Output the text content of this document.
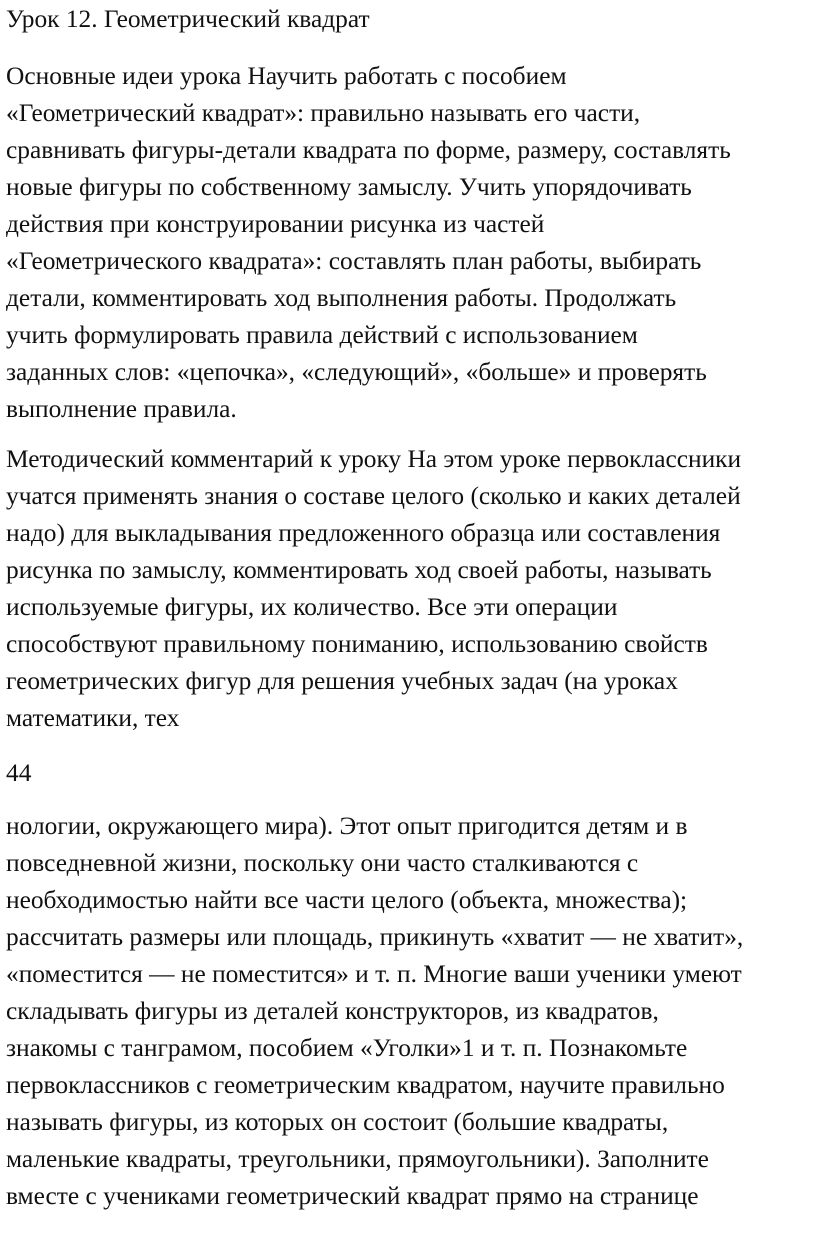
Урок 12. Геометрический квадрат

Основные идеи урока Научить работать с пособием
«Геометрический квадрат»: правильно называть его части,
сравнивать фигуры-детали квадрата по форме, размеру, составлять
новые фигуры по собственному замыслу. Учить упорядочивать
действия при конструировании рисунка из частей
«Геометрического квадрата»: составлять план работы, выбирать
детали, комментировать ход выполнения работы. Продолжать
учить формулировать правила действий с использованием
заданных слов: «цепочка», «следующий», «больше» и проверять
выполнение правила.

Методический комментарий к уроку На этом уроке первоклассники
учатся применять знания о составе целого (сколько и каких деталей
надо) для выкладывания предложенного образца или составления
рисунка по замыслу, комментировать ход своей работы, называть
используемые фигуры, их количество. Все эти операции
способствуют правильному пониманию, использованию свойств
геометрических фигур для решения учебных задач (на уроках
математики, тех

44

нологии, окружающего мира). Этот опыт пригодится детям и в
повседневной жизни, поскольку они часто сталкиваются с
необходимостью найти все части целого (объекта, множества);
рассчитать размеры или площадь, прикинуть «хватит — не хватит»,
«поместится — не поместится» и т. п. Многие ваши ученики умеют
складывать фигуры из деталей конструкторов, из квадратов,
знакомы с танграмом, пособием «Уголки»1 и т. п. Познакомьте
первоклассников с геометрическим квадратом, научите правильно
называть фигуры, из которых он состоит (большие квадраты,
маленькие квадраты, треугольники, прямоугольники). Заполните
вместе с учениками геометрический квадрат прямо на странице
